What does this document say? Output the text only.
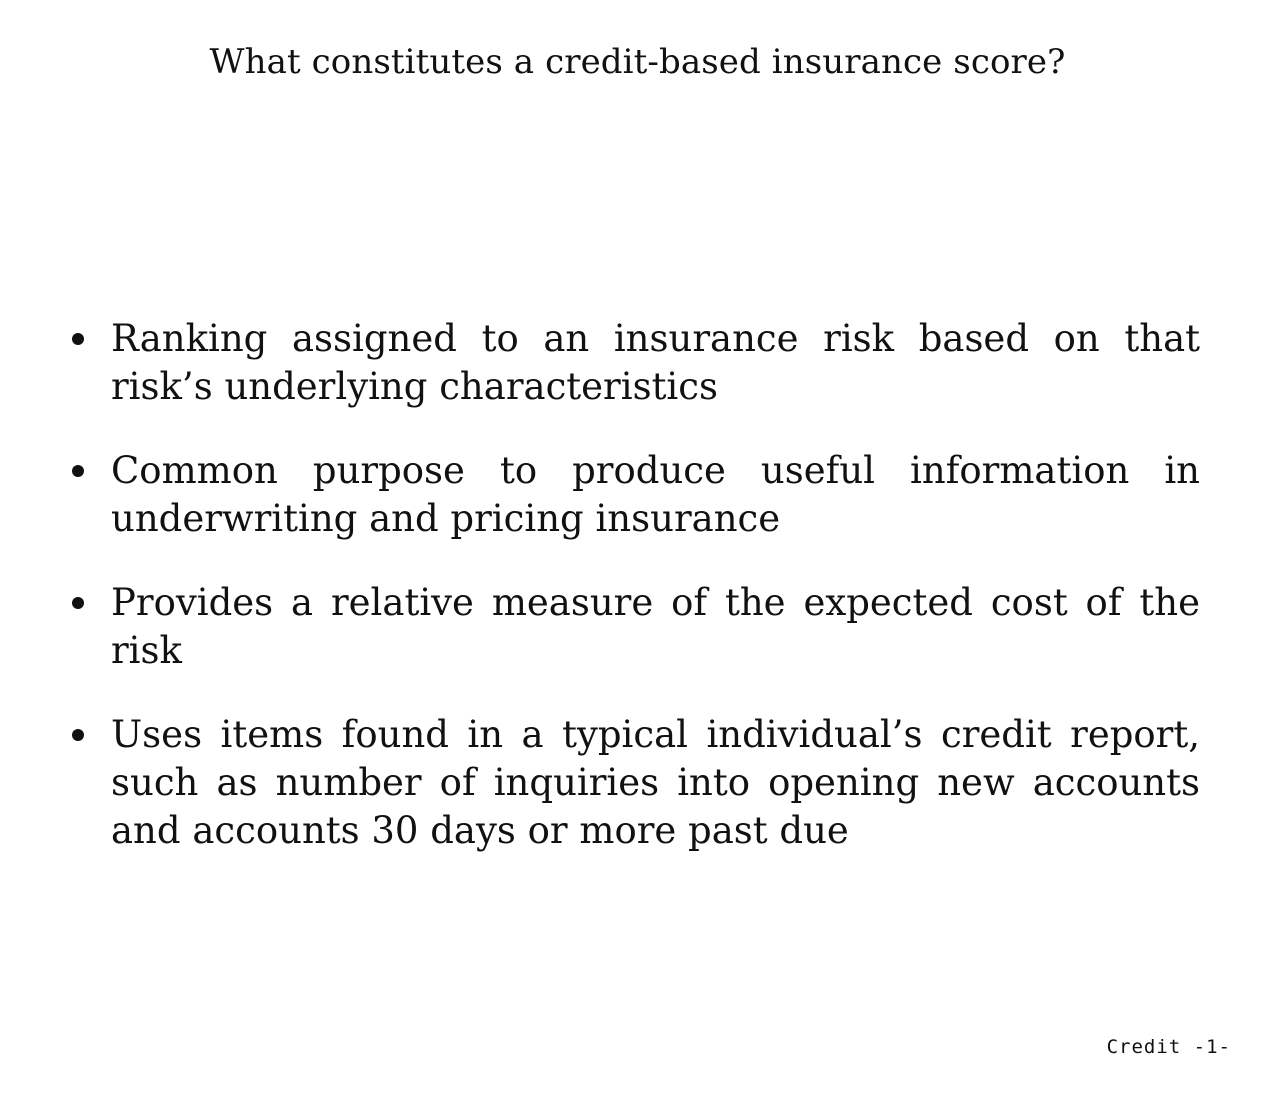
What constitutes a credit-based insurance score?
Ranking assigned to an insurance risk based on that risk’s underlying characteristics
Common purpose to produce useful information in underwriting and pricing insurance
Provides a relative measure of the expected cost of the risk
Uses items found in a typical individual’s credit report, such as number of inquiries into opening new accounts and accounts 30 days or more past due
Credit -1-
